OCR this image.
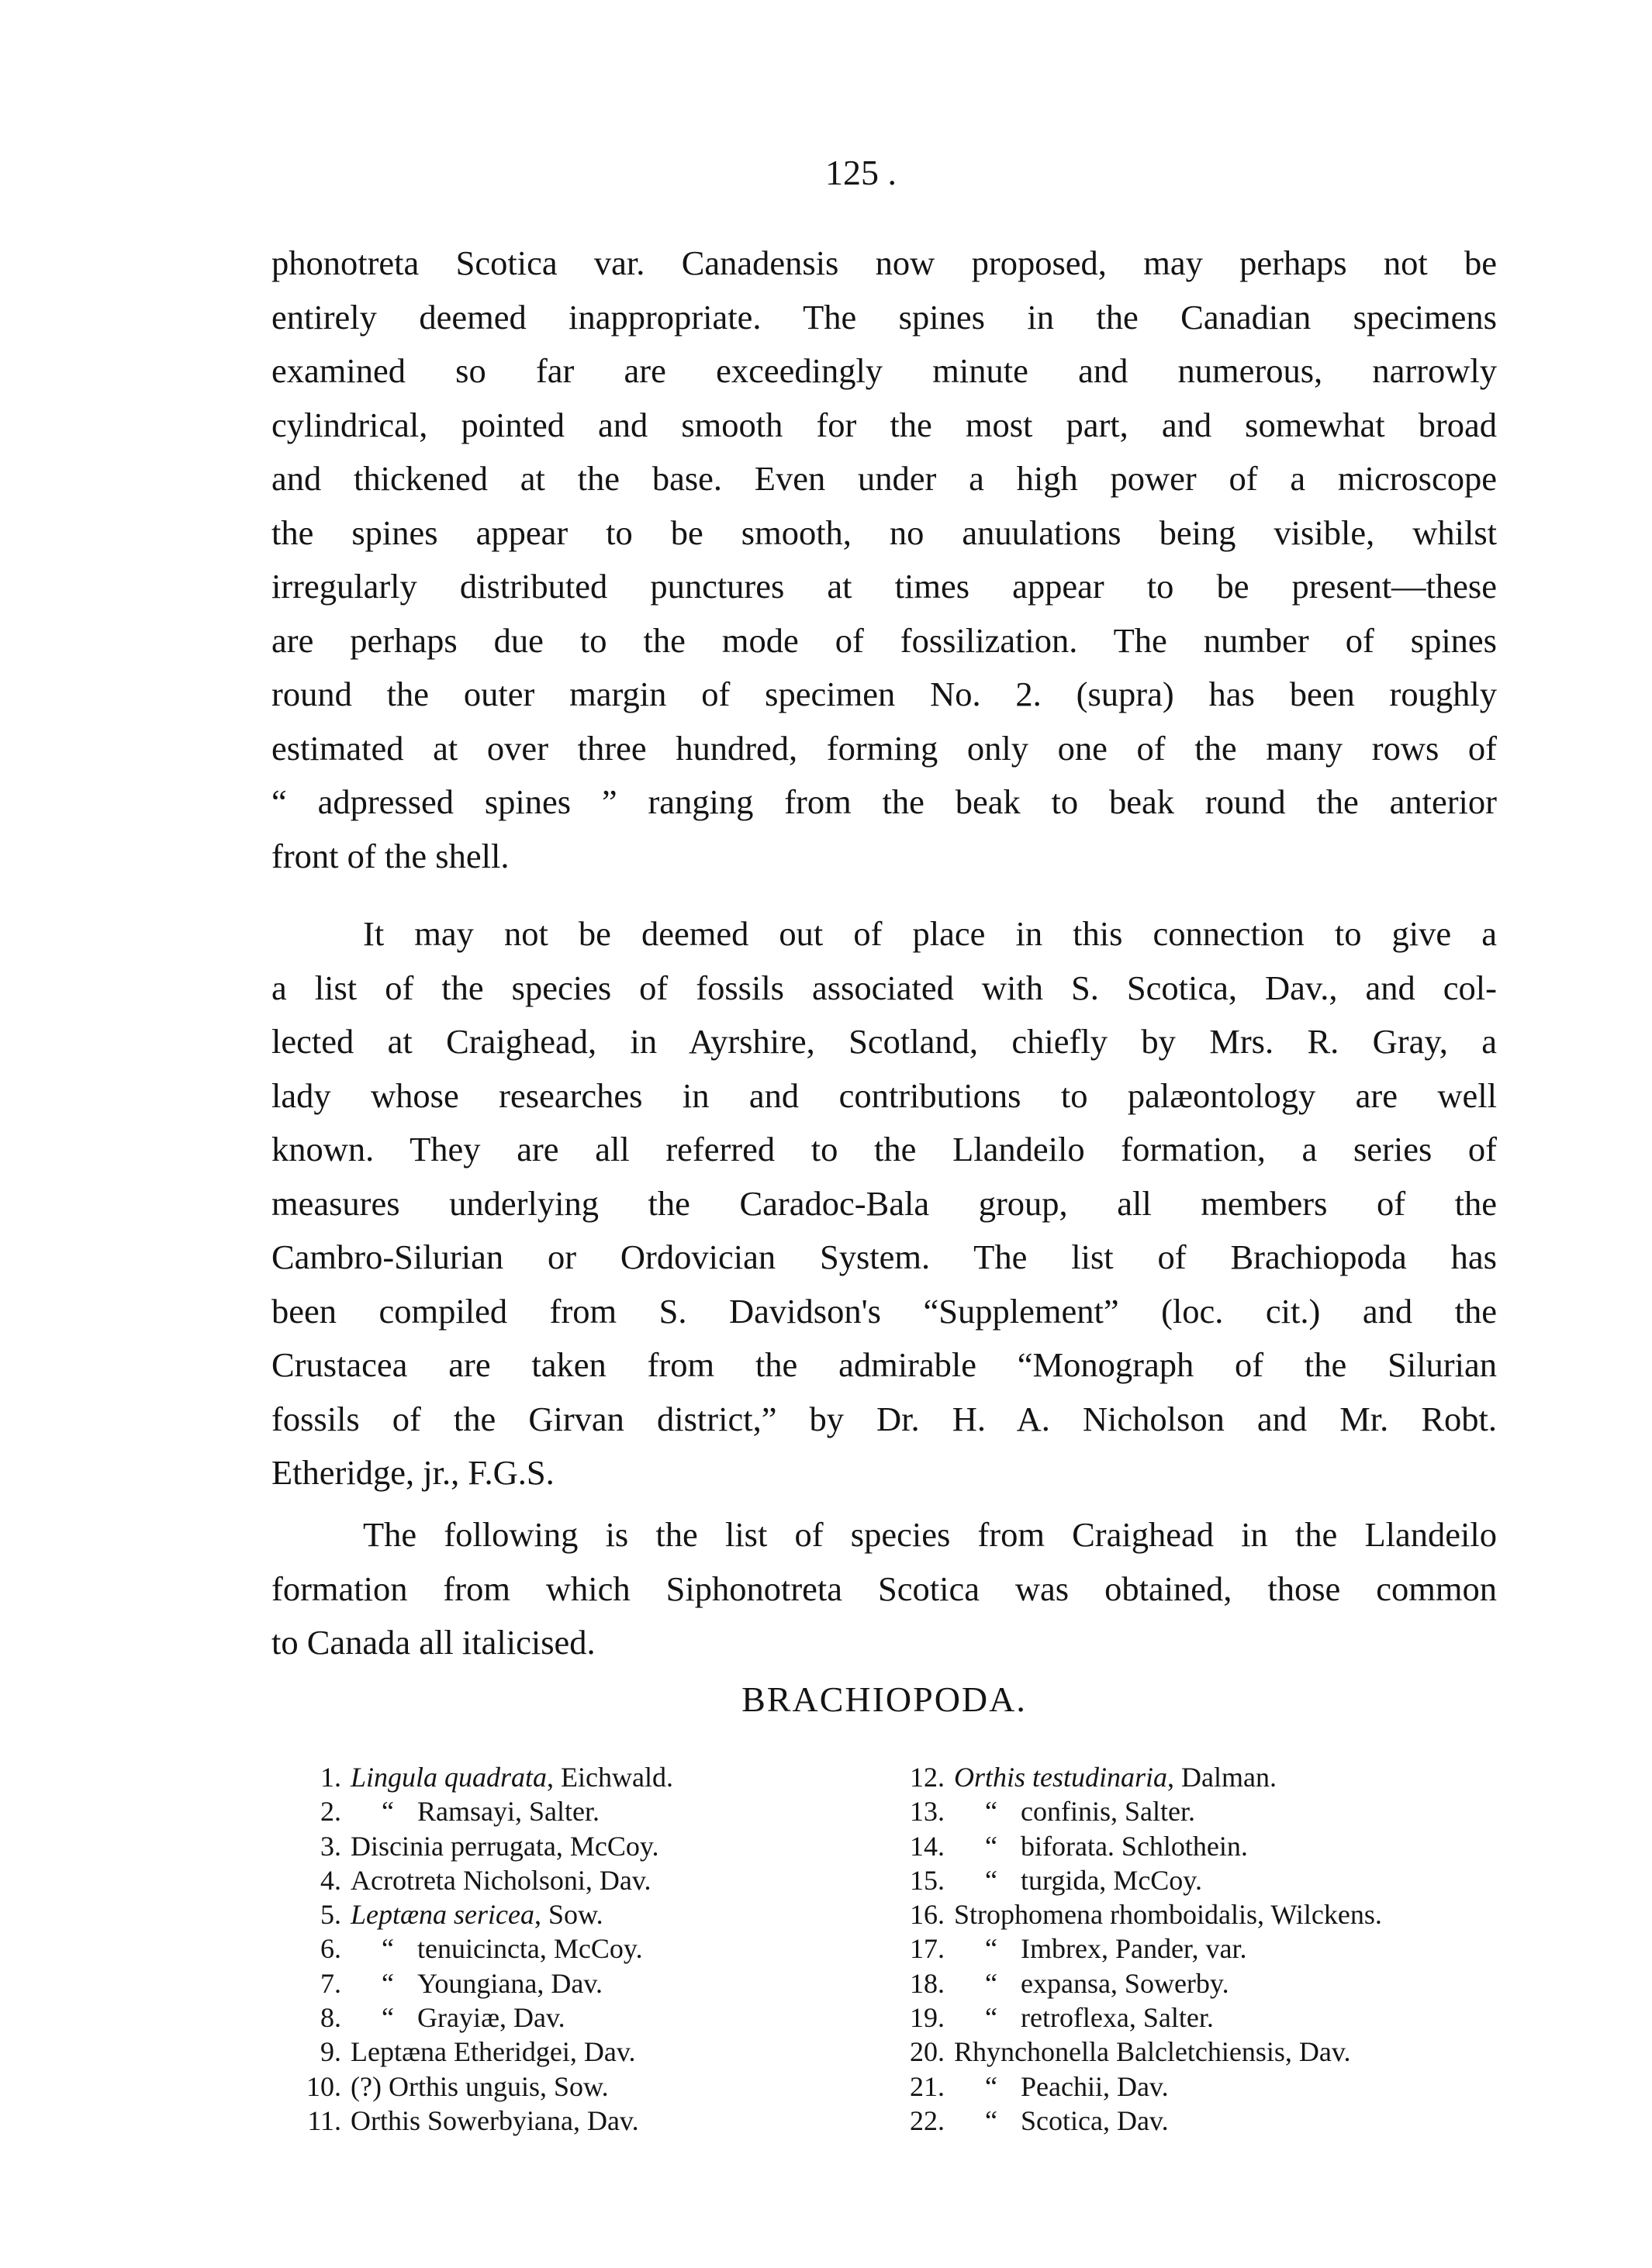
125 .
phonotreta Scotica var. Canadensis now proposed, may perhaps not be
entirely deemed inappropriate. The spines in the Canadian specimens
examined so far are exceedingly minute and numerous, narrowly
cylindrical, pointed and smooth for the most part, and somewhat broad
and thickened at the base. Even under a high power of a microscope
the spines appear to be smooth, no anuulations being visible, whilst
irregularly distributed punctures at times appear to be present—these
are perhaps due to the mode of fossilization. The number of spines
round the outer margin of specimen No. 2. (supra) has been roughly
estimated at over three hundred, forming only one of the many rows of
“ adpressed spines ” ranging from the beak to beak round the anterior
front of the shell.
It may not be deemed out of place in this connection to give a
a list of the species of fossils associated with S. Scotica, Dav., and col-
lected at Craighead, in Ayrshire, Scotland, chiefly by Mrs. R. Gray, a
lady whose researches in and contributions to palæontology are well
known. They are all referred to the Llandeilo formation, a series of
measures underlying the Caradoc-Bala group, all members of the
Cambro-Silurian or Ordovician System. The list of Brachiopoda has
been compiled from S. Davidson's “Supplement” (loc. cit.) and the
Crustacea are taken from the admirable “Monograph of the Silurian
fossils of the Girvan district,” by Dr. H. A. Nicholson and Mr. Robt.
Etheridge, jr., F.G.S.
The following is the list of species from Craighead in the Llandeilo
formation from which Siphonotreta Scotica was obtained, those common
to Canada all italicised.
BRACHIOPODA.
1. Lingula quadrata, Eichwald.
2.	“ Ramsayi, Salter.
3. Discinia perrugata, McCoy.
4. Acrotreta Nicholsoni, Dav.
5. Leptæna sericea, Sow.
6.	“ tenuicincta, McCoy.
7.	“ Youngiana, Dav.
8.	“ Grayiæ, Dav.
9. Leptæna Etheridgei, Dav.
10. (?) Orthis unguis, Sow.
11. Orthis Sowerbyiana, Dav.
12. Orthis testudinaria, Dalman.
13.	“ confinis, Salter.
14.	“ biforata. Schlothein.
15.	“ turgida, McCoy.
16. Strophomena rhomboidalis, Wilckens.
17.	“ Imbrex, Pander, var.
18.	“ expansa, Sowerby.
19.	“ retroflexa, Salter.
20. Rhynchonella Balcletchiensis, Dav.
21.	“ Peachii, Dav.
22.	“ Scotica, Dav.
